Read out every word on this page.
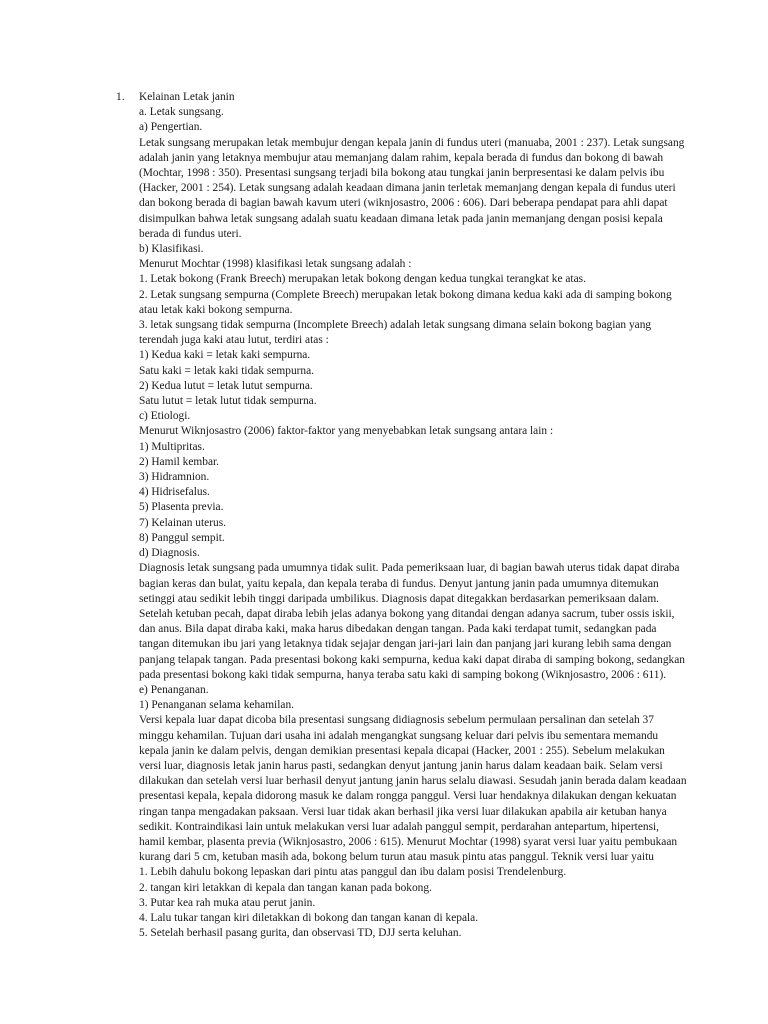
1. Kelainan Letak janin
a. Letak sungsang.
a) Pengertian.
Letak sungsang merupakan letak membujur dengan kepala janin di fundus uteri (manuaba, 2001 : 237). Letak sungsang adalah janin yang letaknya membujur atau memanjang dalam rahim, kepala berada di fundus dan bokong di bawah (Mochtar, 1998 : 350). Presentasi sungsang terjadi bila bokong atau tungkai janin berpresentasi ke dalam pelvis ibu (Hacker, 2001 : 254). Letak sungsang adalah keadaan dimana janin terletak memanjang dengan kepala di fundus uteri dan bokong berada di bagian bawah kavum uteri (wiknjosastro, 2006 : 606). Dari beberapa pendapat para ahli dapat disimpulkan bahwa letak sungsang adalah suatu keadaan dimana letak pada janin memanjang dengan posisi kepala berada di fundus uteri.
b) Klasifikasi.
Menurut Mochtar (1998) klasifikasi letak sungsang adalah :
1. Letak bokong (Frank Breech) merupakan letak bokong dengan kedua tungkai terangkat ke atas.
2. Letak sungsang sempurna (Complete Breech) merupakan letak bokong dimana kedua kaki ada di samping bokong atau letak kaki bokong sempurna.
3. letak sungsang tidak sempurna (Incomplete Breech) adalah letak sungsang dimana selain bokong bagian yang terendah juga kaki atau lutut, terdiri atas :
1) Kedua kaki = letak kaki sempurna.
Satu kaki = letak kaki tidak sempurna.
2) Kedua lutut = letak lutut sempurna.
Satu lutut = letak lutut tidak sempurna.
c) Etiologi.
Menurut Wiknjosastro (2006) faktor-faktor yang menyebabkan letak sungsang antara lain :
1) Multipritas.
2) Hamil kembar.
3) Hidramnion.
4) Hidrisefalus.
5) Plasenta previa.
7) Kelainan uterus.
8) Panggul sempit.
d) Diagnosis.
Diagnosis letak sungsang pada umumnya tidak sulit. Pada pemeriksaan luar, di bagian bawah uterus tidak dapat diraba bagian keras dan bulat, yaitu kepala, dan kepala teraba di fundus. Denyut jantung janin pada umumnya ditemukan setinggi atau sedikit lebih tinggi daripada umbilikus. Diagnosis dapat ditegakkan berdasarkan pemeriksaan dalam. Setelah ketuban pecah, dapat diraba lebih jelas adanya bokong yang ditandai dengan adanya sacrum, tuber ossis iskii, dan anus. Bila dapat diraba kaki, maka harus dibedakan dengan tangan. Pada kaki terdapat tumit, sedangkan pada tangan ditemukan ibu jari yang letaknya tidak sejajar dengan jari-jari lain dan panjang jari kurang lebih sama dengan panjang telapak tangan. Pada presentasi bokong kaki sempurna, kedua kaki dapat diraba di samping bokong, sedangkan pada presentasi bokong kaki tidak sempurna, hanya teraba satu kaki di samping bokong (Wiknjosastro, 2006 : 611).
e) Penanganan.
1) Penanganan selama kehamilan.
Versi kepala luar dapat dicoba bila presentasi sungsang didiagnosis sebelum permulaan persalinan dan setelah 37 minggu kehamilan. Tujuan dari usaha ini adalah mengangkat sungsang keluar dari pelvis ibu sementara memandu kepala janin ke dalam pelvis, dengan demikian presentasi kepala dicapai (Hacker, 2001 : 255). Sebelum melakukan versi luar, diagnosis letak janin harus pasti, sedangkan denyut jantung janin harus dalam keadaan baik. Selam versi dilakukan dan setelah versi luar berhasil denyut jantung janin harus selalu diawasi. Sesudah janin berada dalam keadaan presentasi kepala, kepala didorong masuk ke dalam rongga panggul. Versi luar hendaknya dilakukan dengan kekuatan ringan tanpa mengadakan paksaan. Versi luar tidak akan berhasil jika versi luar dilakukan apabila air ketuban hanya sedikit. Kontraindikasi lain untuk melakukan versi luar adalah panggul sempit, perdarahan antepartum, hipertensi, hamil kembar, plasenta previa (Wiknjosastro, 2006 : 615). Menurut Mochtar (1998) syarat versi luar yaitu pembukaan kurang dari 5 cm, ketuban masih ada, bokong belum turun atau masuk pintu atas panggul. Teknik versi luar yaitu
1. Lebih dahulu bokong lepaskan dari pintu atas panggul dan ibu dalam posisi Trendelenburg.
2. tangan kiri letakkan di kepala dan tangan kanan pada bokong.
3. Putar kea rah muka atau perut janin.
4. Lalu tukar tangan kiri diletakkan di bokong dan tangan kanan di kepala.
5. Setelah berhasil pasang gurita, dan observasi TD, DJJ serta keluhan.
